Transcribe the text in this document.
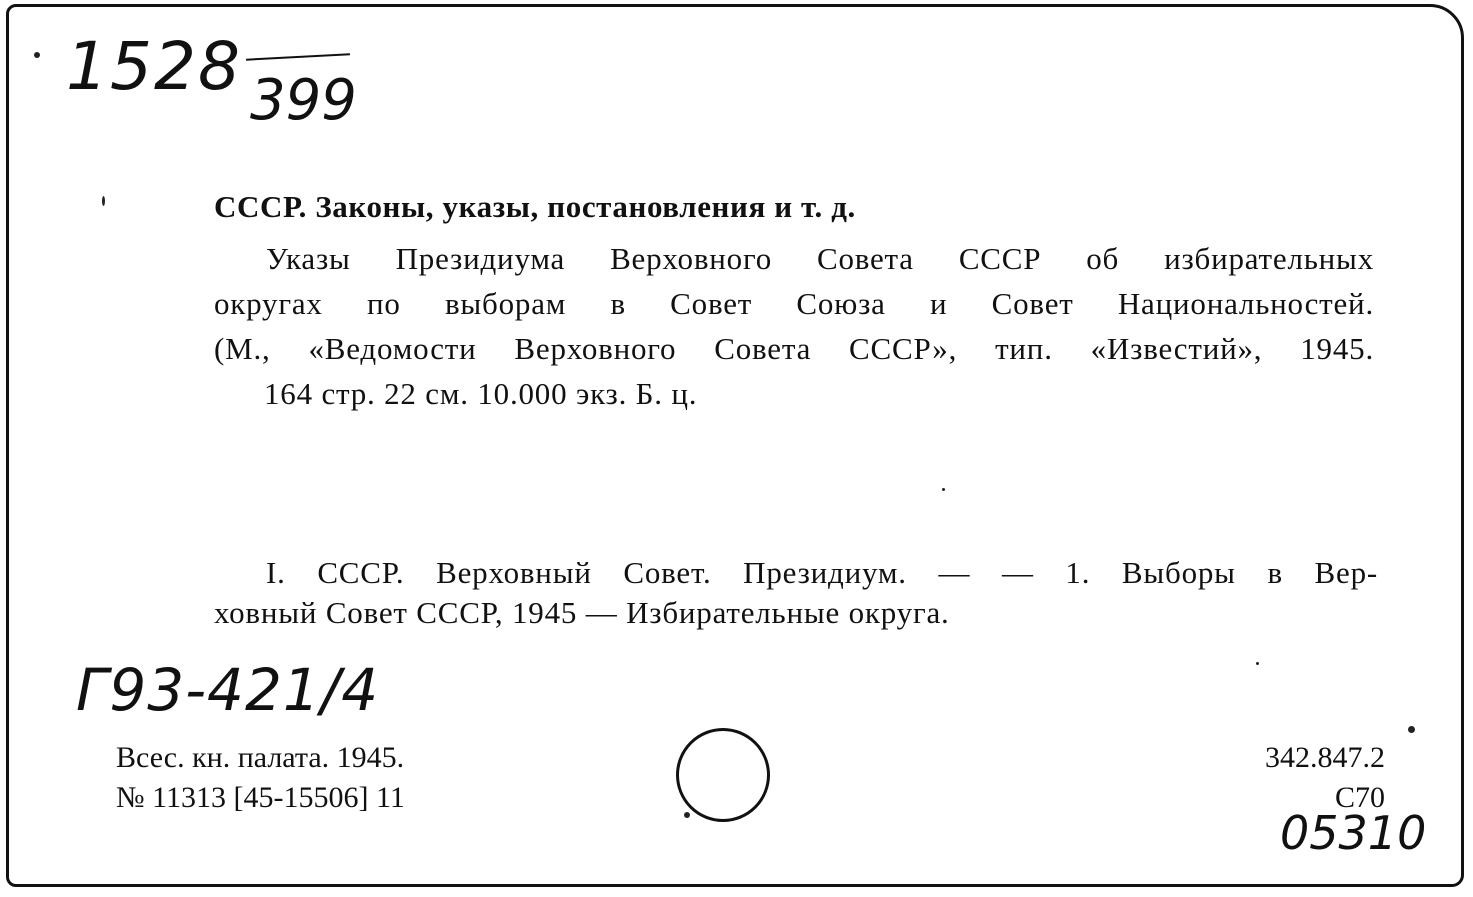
1528 399
СССР. Законы, указы, постановления и т. д.
Указы Президиума Верховного Совета СССР об избирательных
округах по выборам в Совет Союза и Совет Национальностей.
(М., «Ведомости Верховного Совета СССР», тип. «Известий», 1945.
164 стр. 22 см. 10.000 экз. Б. ц.
I. СССР. Верховный Совет. Президиум. — — 1. Выборы в Вер-
ховный Совет СССР, 1945 — Избирательные округа.
Г93-421/4
Всес. кн. палата. 1945.
№ 11313 [45-15506] 11
342.847.2
С70
05310
